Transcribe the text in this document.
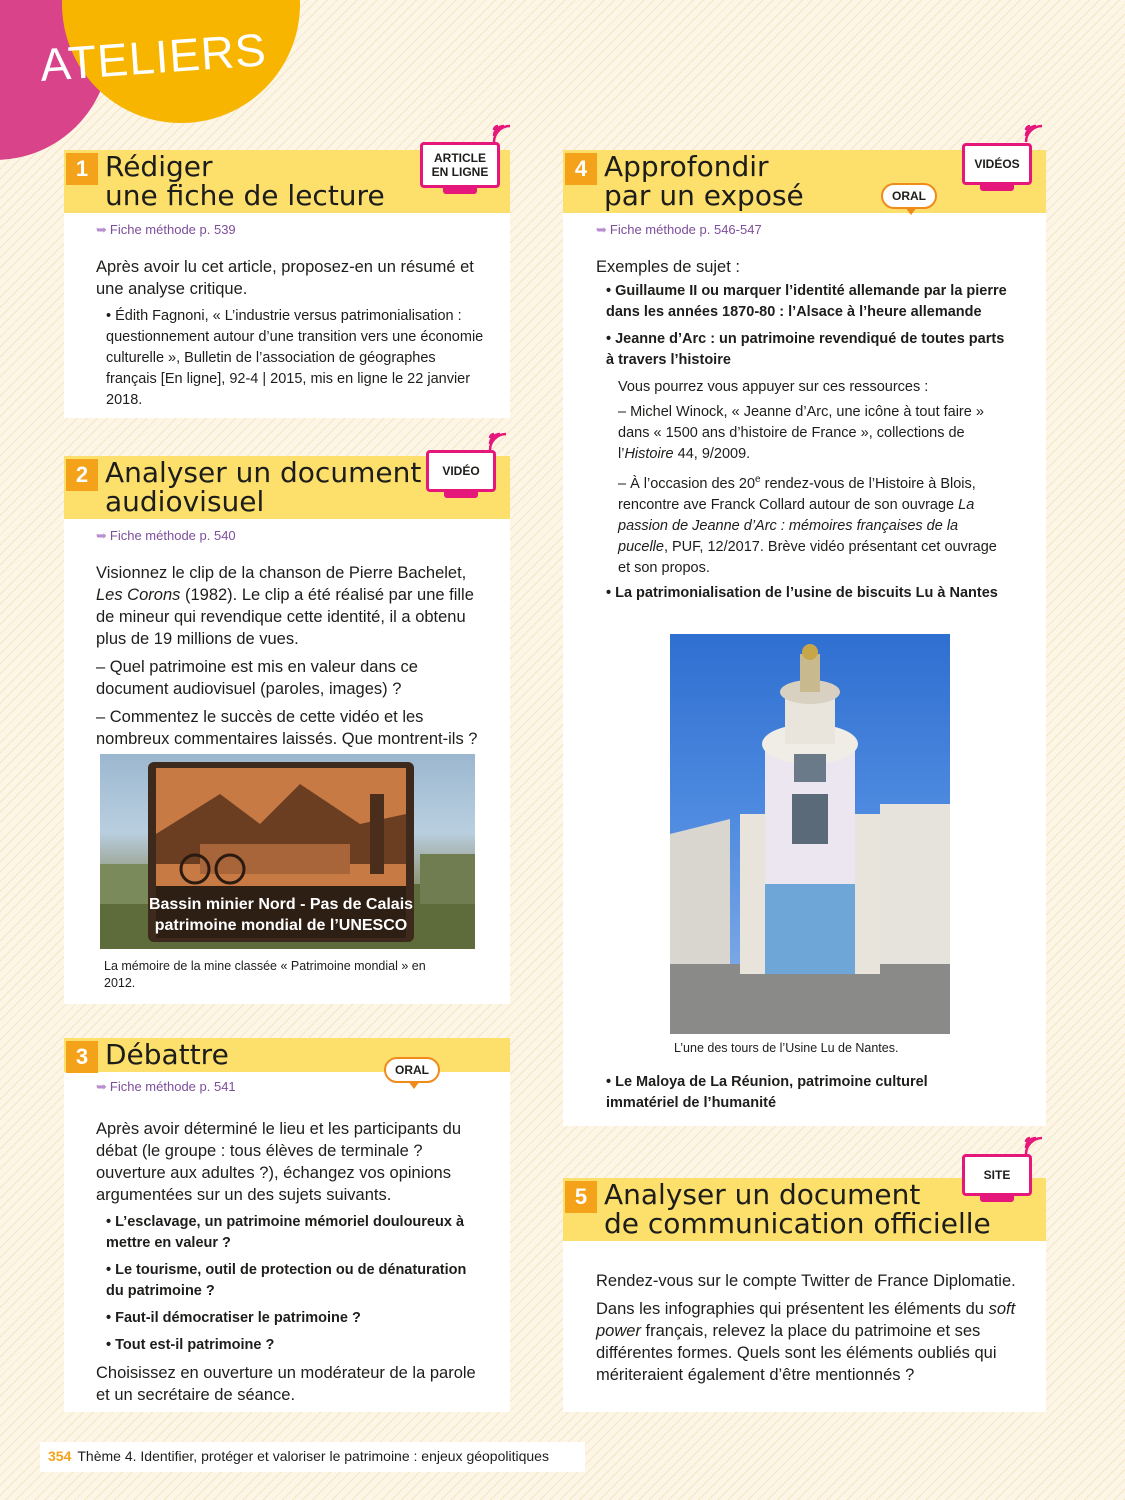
ATELIERS
1 Rédiger
une fiche de lecture
ARTICLE
EN LIGNE
➥ Fiche méthode p. 539

Après avoir lu cet article, proposez-en un résumé et une analyse critique.

• Édith Fagnoni, « L’industrie versus patrimonialisation : questionnement autour d’une transition vers une économie culturelle », Bulletin de l’association de géographes français [En ligne], 92-4 | 2015, mis en ligne le 22 janvier 2018.

2 Analyser un document
audiovisuel
VIDÉO
➥ Fiche méthode p. 540

Visionnez le clip de la chanson de Pierre Bachelet, Les Corons (1982). Le clip a été réalisé par une fille de mineur qui revendique cette identité, il a obtenu plus de 19 millions de vues.

– Quel patrimoine est mis en valeur dans ce document audiovisuel (paroles, images) ?

– Commentez le succès de cette vidéo et les nombreux commentaires laissés. Que montrent-ils ?

Bassin minier Nord - Pas de Calais
patrimoine mondial de l’UNESCO
La mémoire de la mine classée « Patrimoine mondial » en 2012.
3 Débattre	ORAL
➥ Fiche méthode p. 541

Après avoir déterminé le lieu et les participants du débat (le groupe : tous élèves de terminale ? ouverture aux adultes ?), échangez vos opinions argumentées sur un des sujets suivants.

• L’esclavage, un patrimoine mémoriel douloureux à mettre en valeur ?

• Le tourisme, outil de protection ou de dénaturation du patrimoine ?

• Faut-il démocratiser le patrimoine ?

• Tout est-il patrimoine ?

Choisissez en ouverture un modérateur de la parole et un secrétaire de séance.

4 Approfondir
par un exposé	ORAL
VIDÉOS
➥ Fiche méthode p. 546-547

Exemples de sujet :

• Guillaume II ou marquer l’identité allemande par la pierre dans les années 1870-80 : l’Alsace à l’heure allemande

• Jeanne d’Arc : un patrimoine revendiqué de toutes parts à travers l’histoire

Vous pourrez vous appuyer sur ces ressources :

– Michel Winock, « Jeanne d’Arc, une icône à tout faire » dans « 1500 ans d’histoire de France », collections de l’Histoire 44, 9/2009.

– À l’occasion des 20e rendez-vous de l’Histoire à Blois, rencontre ave Franck Collard autour de son ouvrage La passion de Jeanne d’Arc : mémoires françaises de la pucelle, PUF, 12/2017. Brève vidéo présentant cet ouvrage et son propos.

• La patrimonialisation de l’usine de biscuits Lu à Nantes

L’une des tours de l’Usine Lu de Nantes.
• Le Maloya de La Réunion, patrimoine culturel immatériel de l’humanité
5 Analyser un document
de communication officielle
SITE

Rendez-vous sur le compte Twitter de France Diplomatie.

Dans les infographies qui présentent les éléments du soft power français, relevez la place du patrimoine et ses différentes formes. Quels sont les éléments oubliés qui mériteraient également d’être mentionnés ?

354 Thème 4. Identifier, protéger et valoriser le patrimoine : enjeux géopolitiques
